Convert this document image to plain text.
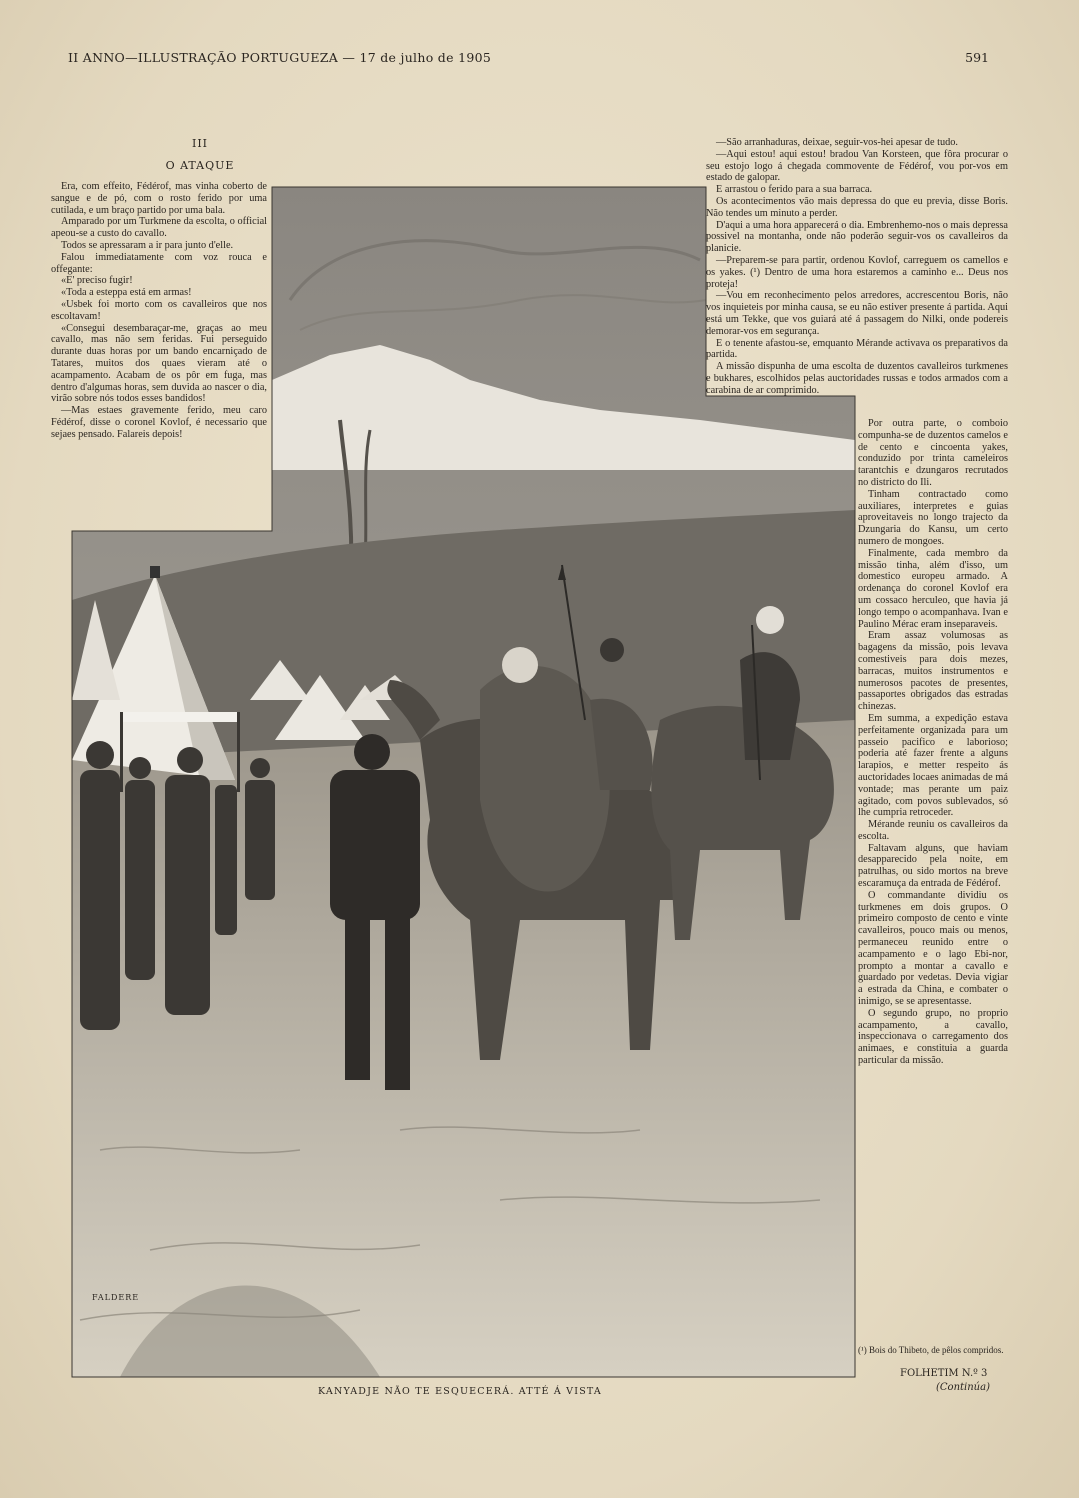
II ANNO—ILLUSTRAÇÃO PORTUGUEZA — 17 de julho de 1905	591
III
O ATAQUE

Era, com effeito, Fédérof, mas vinha coberto de sangue e de pó, com o rosto ferido por uma cutilada, e um braço partido por uma bala.

Amparado por um Turkmene da escolta, o official apeou-se a custo do cavallo.

Todos se apressaram a ir para junto d'elle.

Falou immediatamente com voz rouca e offegante:

«E' preciso fugir!

«Toda a esteppa está em armas!

«Usbek foi morto com os cavalleiros que nos escoltavam!

«Consegui desembaraçar-me, graças ao meu cavallo, mas não sem feridas. Fui perseguido durante duas horas por um bando encarniçado de Tatares, muitos dos quaes vieram até o acampamento. Acabam de os pôr em fuga, mas dentro d'algumas horas, sem duvida ao nascer o dia, virão sobre nós todos esses bandidos!

—Mas estaes gravemente ferido, meu caro Fédérof, disse o coronel Kovlof, é necessario que sejaes pensado. Falareis depois!

—São arranhaduras, deixae, seguir-vos-hei apesar de tudo.

—Aqui estou! aqui estou! bradou Van Korsteen, que fôra procurar o seu estojo logo á chegada commovente de Fédérof, vou por-vos em estado de galopar.

E arrastou o ferido para a sua barraca.

Os acontecimentos vão mais depressa do que eu previa, disse Boris. Não tendes um minuto a perder.

D'aqui a uma hora apparecerá o dia. Embrenhemo-nos o mais depressa possivel na montanha, onde não poderão seguir-vos os cavalleiros da planicie.

—Preparem-se para partir, ordenou Kovlof, carreguem os camellos e os yakes. (¹) Dentro de uma hora estaremos a caminho e... Deus nos proteja!

—Vou em reconhecimento pelos arredores, accrescentou Boris, não vos inquieteis por minha causa, se eu não estiver presente á partida. Aqui está um Tekke, que vos guiará até á passagem do Nilki, onde podereis demorar-vos em segurança.

E o tenente afastou-se, emquanto Mérande activava os preparativos da partida.

A missão dispunha de uma escolta de duzentos cavalleiros turkmenes e bukhares, escolhidos pelas auctoridades russas e todos armados com a carabina de ar comprimido.

Por outra parte, o comboio compunha-se de duzentos camelos e de cento e cincoenta yakes, conduzido por trinta cameleiros tarantchis e dzungaros recrutados no districto do Ili.

Tinham contractado como auxiliares, interpretes e guias aproveitaveis no longo trajecto da Dzungaria do Kansu, um certo numero de mongoes.

Finalmente, cada membro da missão tinha, além d'isso, um domestico europeu armado. A ordenança do coronel Kovlof era um cossaco herculeo, que havia já longo tempo o acompanhava. Ivan e Paulino Mérac eram inseparaveis.

Eram assaz volumosas as bagagens da missão, pois levava comestiveis para dois mezes, barracas, muitos instrumentos e numerosos pacotes de presentes, passaportes obrigados das estradas chinezas.

Em summa, a expedição estava perfeitamente organizada para um passeio pacifico e laborioso; poderia até fazer frente a alguns larapios, e metter respeito ás auctoridades locaes animadas de má vontade; mas perante um paiz agitado, com povos sublevados, só lhe cumpria retroceder.

Mérande reuniu os cavalleiros da escolta.

Faltavam alguns, que haviam desapparecido pela noite, em patrulhas, ou sido mortos na breve escaramuça da entrada de Fédérof.

O commandante dividiu os turkmenes em dois grupos. O primeiro composto de cento e vinte cavalleiros, pouco mais ou menos, permaneceu reunido entre o acampamento e o lago Ebi-nor, prompto a montar a cavallo e guardado por vedetas. Devia vigiar a estrada da China, e combater o inimigo, se se apresentasse.

O segundo grupo, no proprio acampamento, a cavallo, inspeccionava o carregamento dos animaes, e constituia a guarda particular da missão.

FALDERE
KANYADJE NÃO TE ESQUECERÁ. ATTÉ Á VISTA
(¹) Bois do Thibeto, de pêlos compridos.
FOLHETIM N.º 3
(Continúa)
